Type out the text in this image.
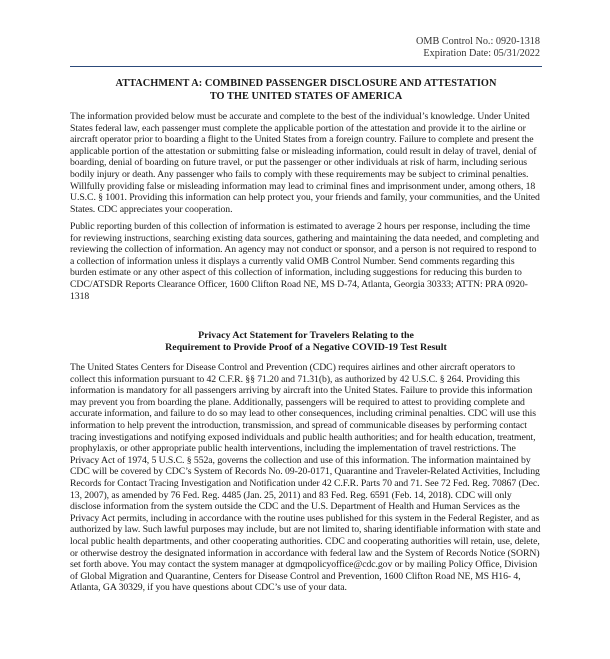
OMB Control No.: 0920-1318
Expiration Date: 05/31/2022
ATTACHMENT A: COMBINED PASSENGER DISCLOSURE AND ATTESTATION
TO THE UNITED STATES OF AMERICA

The information provided below must be accurate and complete to the best of the individual’s knowledge. Under United States federal law, each passenger must complete the applicable portion of the attestation and provide it to the airline or aircraft operator prior to boarding a flight to the United States from a foreign country. Failure to complete and present the applicable portion of the attestation or submitting false or misleading information, could result in delay of travel, denial of boarding, denial of boarding on future travel, or put the passenger or other individuals at risk of harm, including serious bodily injury or death. Any passenger who fails to comply with these requirements may be subject to criminal penalties. Willfully providing false or misleading information may lead to criminal fines and imprisonment under, among others, 18 U.S.C. § 1001. Providing this information can help protect you, your friends and family, your communities, and the United States. CDC appreciates your cooperation.

Public reporting burden of this collection of information is estimated to average 2 hours per response, including the time for reviewing instructions, searching existing data sources, gathering and maintaining the data needed, and completing and reviewing the collection of information. An agency may not conduct or sponsor, and a person is not required to respond to a collection of information unless it displays a currently valid OMB Control Number. Send comments regarding this burden estimate or any other aspect of this collection of information, including suggestions for reducing this burden to CDC/ATSDR Reports Clearance Officer, 1600 Clifton Road NE, MS D-74, Atlanta, Georgia 30333; ATTN: PRA 0920-1318

Privacy Act Statement for Travelers Relating to the
Requirement to Provide Proof of a Negative COVID-19 Test Result

The United States Centers for Disease Control and Prevention (CDC) requires airlines and other aircraft operators to collect this information pursuant to 42 C.F.R. §§ 71.20 and 71.31(b), as authorized by 42 U.S.C. § 264. Providing this information is mandatory for all passengers arriving by aircraft into the United States. Failure to provide this information may prevent you from boarding the plane. Additionally, passengers will be required to attest to providing complete and accurate information, and failure to do so may lead to other consequences, including criminal penalties. CDC will use this information to help prevent the introduction, transmission, and spread of communicable diseases by performing contact tracing investigations and notifying exposed individuals and public health authorities; and for health education, treatment, prophylaxis, or other appropriate public health interventions, including the implementation of travel restrictions. The Privacy Act of 1974, 5 U.S.C. § 552a, governs the collection and use of this information. The information maintained by CDC will be covered by CDC’s System of Records No. 09-20-0171, Quarantine and Traveler-Related Activities, Including Records for Contact Tracing Investigation and Notification under 42 C.F.R. Parts 70 and 71. See 72 Fed. Reg. 70867 (Dec. 13, 2007), as amended by 76 Fed. Reg. 4485 (Jan. 25, 2011) and 83 Fed. Reg. 6591 (Feb. 14, 2018). CDC will only disclose information from the system outside the CDC and the U.S. Department of Health and Human Services as the Privacy Act permits, including in accordance with the routine uses published for this system in the Federal Register, and as authorized by law. Such lawful purposes may include, but are not limited to, sharing identifiable information with state and local public health departments, and other cooperating authorities. CDC and cooperating authorities will retain, use, delete, or otherwise destroy the designated information in accordance with federal law and the System of Records Notice (SORN) set forth above. You may contact the system manager at dgmqpolicyoffice@cdc.gov or by mailing Policy Office, Division of Global Migration and Quarantine, Centers for Disease Control and Prevention, 1600 Clifton Road NE, MS H16- 4, Atlanta, GA 30329, if you have questions about CDC’s use of your data.
